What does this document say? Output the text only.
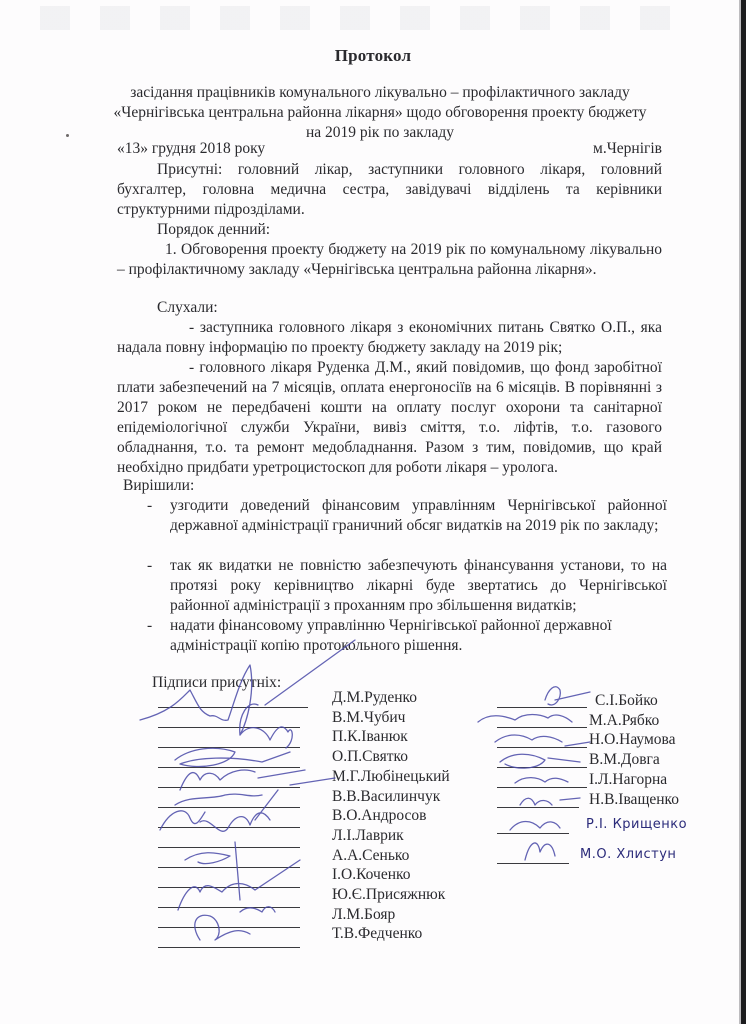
Протокол
засідання працівників комунального лікувально – профілактичного закладу «Чернігівська центральна районна лікарня» щодо обговорення проекту бюджету на 2019 рік по закладу
«13» грудня 2018 року	м.Чернігів
Присутні: головний лікар, заступники головного лікаря, головний бухгалтер, головна медична сестра, завідувачі відділень та керівники структурними підрозділами.
Порядок денний:
1. Обговорення проекту бюджету на 2019 рік по комунальному лікувально – профілактичному закладу «Чернігівська центральна районна лікарня».
Слухали:
- заступника головного лікаря з економічних питань Святко О.П., яка надала повну інформацію по проекту бюджету закладу на 2019 рік;
- головного лікаря Руденка Д.М., який повідомив, що фонд заробітної плати забезпечений на 7 місяців, оплата енергоносіїв на 6 місяців. В порівнянні з 2017 роком не передбачені кошти на оплату послуг охорони та санітарної епідеміологічної служби України, вивіз сміття, т.о. ліфтів, т.о. газового обладнання, т.о. та ремонт медобладнання. Разом з тим, повідомив, що край необхідно придбати уретроцистоскоп для роботи лікаря – уролога.
Вирішили:
-	узгодити доведений фінансовим управлінням Чернігівської районної державної адміністрації граничний обсяг видатків на 2019 рік по закладу;
-	так як видатки не повністю забезпечують фінансування установи, то на протязі року керівництво лікарні буде звертатись до Чернігівської районної адміністрації з проханням про збільшення видатків;
-	надати фінансовому управлінню Чернігівської районної державної адміністрації копію протокольного рішення.
Підписи присутніх:
Д.М.Руденко
В.М.Чубич
П.К.Іванюк
О.П.Святко
М.Г.Любінецький
В.В.Василинчук
В.О.Андросов
Л.І.Лаврик
А.А.Сенько
І.О.Коченко
Ю.Є.Присяжнюк
Л.М.Бояр
Т.В.Федченко
С.І.Бойко
М.А.Рябко
Н.О.Наумова
В.М.Довга
І.Л.Нагорна
Н.В.Іващенко
Р.І. Крищенко
М.О. Хлистун
